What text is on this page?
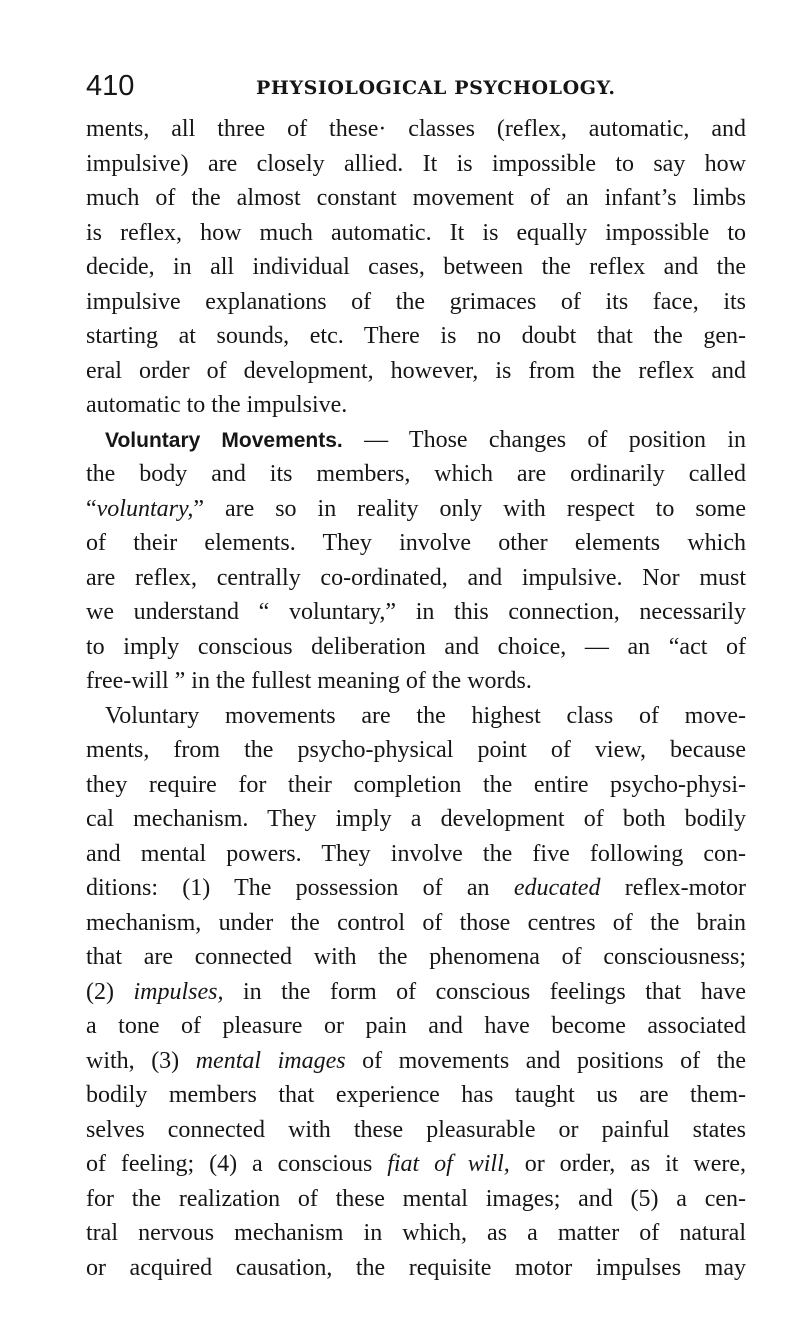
410	PHYSIOLOGICAL PSYCHOLOGY.
ments, all three of these· classes (reflex, automatic, and
impulsive) are closely allied. It is impossible to say how
much of the almost constant movement of an infant’s limbs
is reflex, how much automatic. It is equally impossible to
decide, in all individual cases, between the reflex and the
impulsive explanations of the grimaces of its face, its
starting at sounds, etc. There is no doubt that the gen-
eral order of development, however, is from the reflex and
automatic to the impulsive.
Voluntary Movements. — Those changes of position in
the body and its members, which are ordinarily called
“voluntary,” are so in reality only with respect to some
of their elements. They involve other elements which
are reflex, centrally co-ordinated, and impulsive. Nor must
we understand “ voluntary,” in this connection, necessarily
to imply conscious deliberation and choice, — an “act of
free-will ” in the fullest meaning of the words.
Voluntary movements are the highest class of move-
ments, from the psycho-physical point of view, because
they require for their completion the entire psycho-physi-
cal mechanism. They imply a development of both bodily
and mental powers. They involve the five following con-
ditions: (1) The possession of an educated reflex-motor
mechanism, under the control of those centres of the brain
that are connected with the phenomena of consciousness;
(2) impulses, in the form of conscious feelings that have
a tone of pleasure or pain and have become associated
with, (3) mental images of movements and positions of the
bodily members that experience has taught us are them-
selves connected with these pleasurable or painful states
of feeling; (4) a conscious fiat of will, or order, as it were,
for the realization of these mental images; and (5) a cen-
tral nervous mechanism in which, as a matter of natural
or acquired causation, the requisite motor impulses may
